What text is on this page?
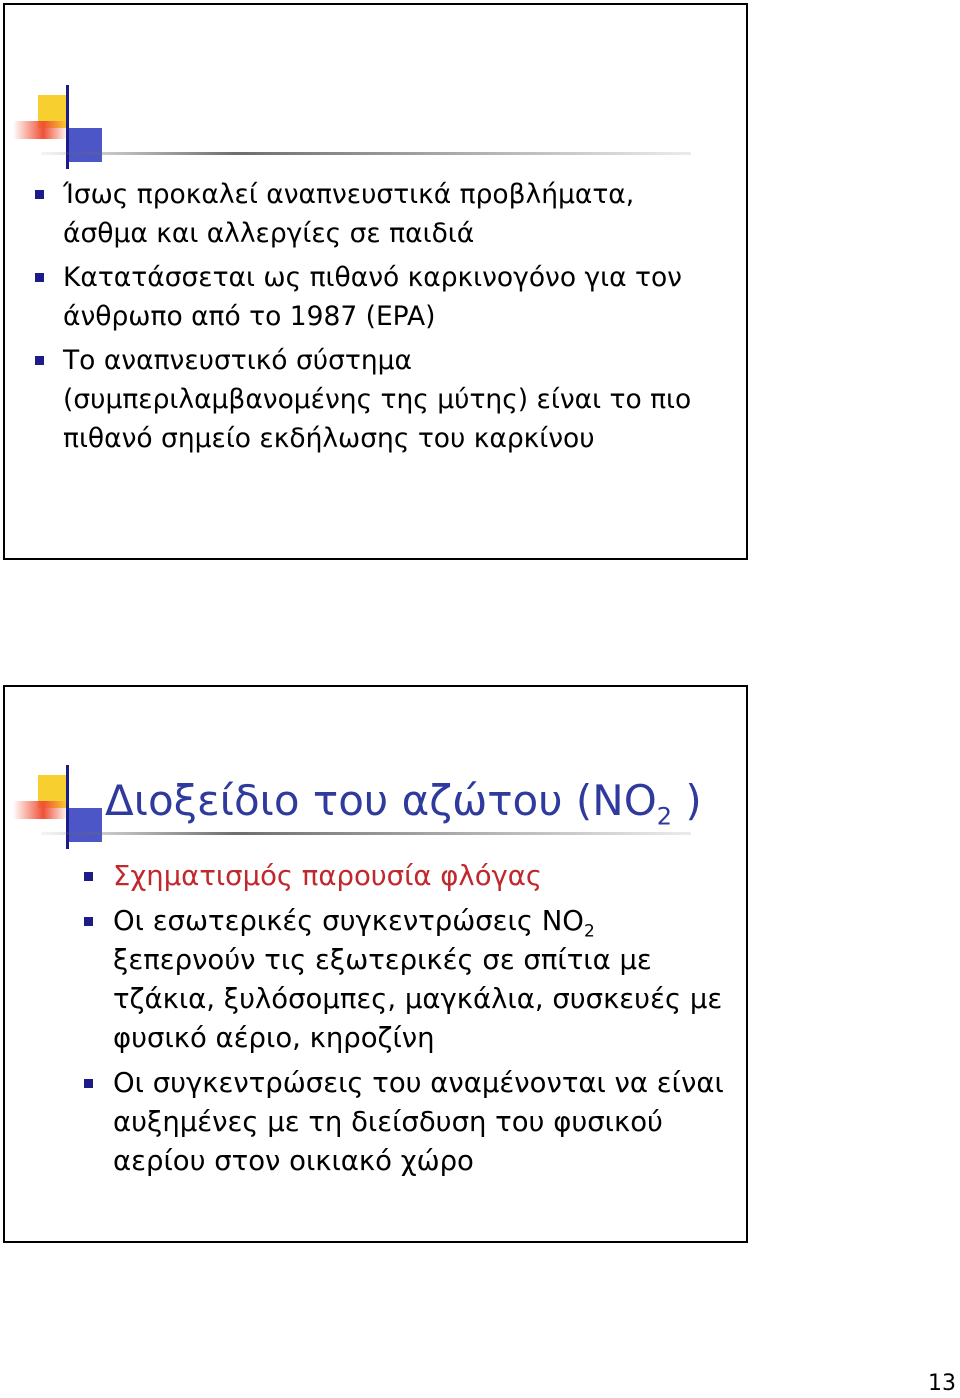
Ίσως προκαλεί αναπνευστικά προβλήματα, άσθμα και αλλεργίες σε παιδιά
Κατατάσσεται ως πιθανό καρκινογόνο για τον άνθρωπο από το 1987 (EPA)
Το αναπνευστικό σύστημα (συμπεριλαμβανομένης της μύτης) είναι το πιο πιθανό σημείο εκδήλωσης του καρκίνου
Διοξείδιο του αζώτου ($NO_2$ )
Σχηματισμός παρουσία φλόγας
Οι εσωτερικές συγκεντρώσεις $NO_2$ ξεπερνούν τις εξωτερικές σε σπίτια με τζάκια, ξυλόσομπες, μαγκάλια, συσκευές με φυσικό αέριο, κηροζίνη
Οι συγκεντρώσεις του αναμένονται να είναι αυξημένες με τη διείσδυση του φυσικού αερίου στον οικιακό χώρο
13
